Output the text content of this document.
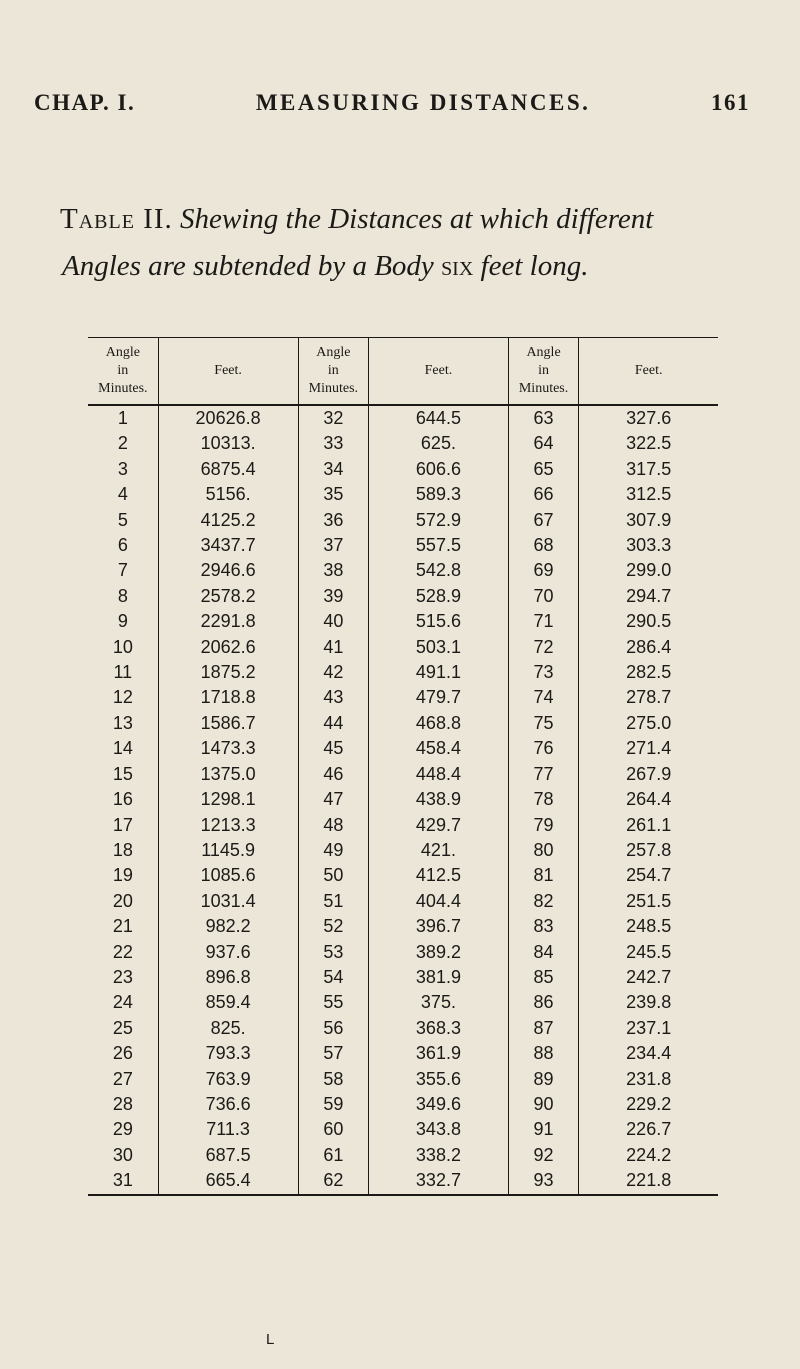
CHAP. I.	MEASURING DISTANCES.	161
Table II. Shewing the Distances at which different
Angles are subtended by a Body six feet long.
Angle
in
Minutes.	Feet.	Angle
in
Minutes.	Feet.	Angle
in
Minutes.	Feet.
1	20626.8	32	644.5	63	327.6
2	10313.	33	625.	64	322.5
3	6875.4	34	606.6	65	317.5
4	5156.	35	589.3	66	312.5
5	4125.2	36	572.9	67	307.9
6	3437.7	37	557.5	68	303.3
7	2946.6	38	542.8	69	299.0
8	2578.2	39	528.9	70	294.7
9	2291.8	40	515.6	71	290.5
10	2062.6	41	503.1	72	286.4
11	1875.2	42	491.1	73	282.5
12	1718.8	43	479.7	74	278.7
13	1586.7	44	468.8	75	275.0
14	1473.3	45	458.4	76	271.4
15	1375.0	46	448.4	77	267.9
16	1298.1	47	438.9	78	264.4
17	1213.3	48	429.7	79	261.1
18	1145.9	49	421.	80	257.8
19	1085.6	50	412.5	81	254.7
20	1031.4	51	404.4	82	251.5
21	982.2	52	396.7	83	248.5
22	937.6	53	389.2	84	245.5
23	896.8	54	381.9	85	242.7
24	859.4	55	375.	86	239.8
25	825.	56	368.3	87	237.1
26	793.3	57	361.9	88	234.4
27	763.9	58	355.6	89	231.8
28	736.6	59	349.6	90	229.2
29	711.3	60	343.8	91	226.7
30	687.5	61	338.2	92	224.2
31	665.4	62	332.7	93	221.8
L
